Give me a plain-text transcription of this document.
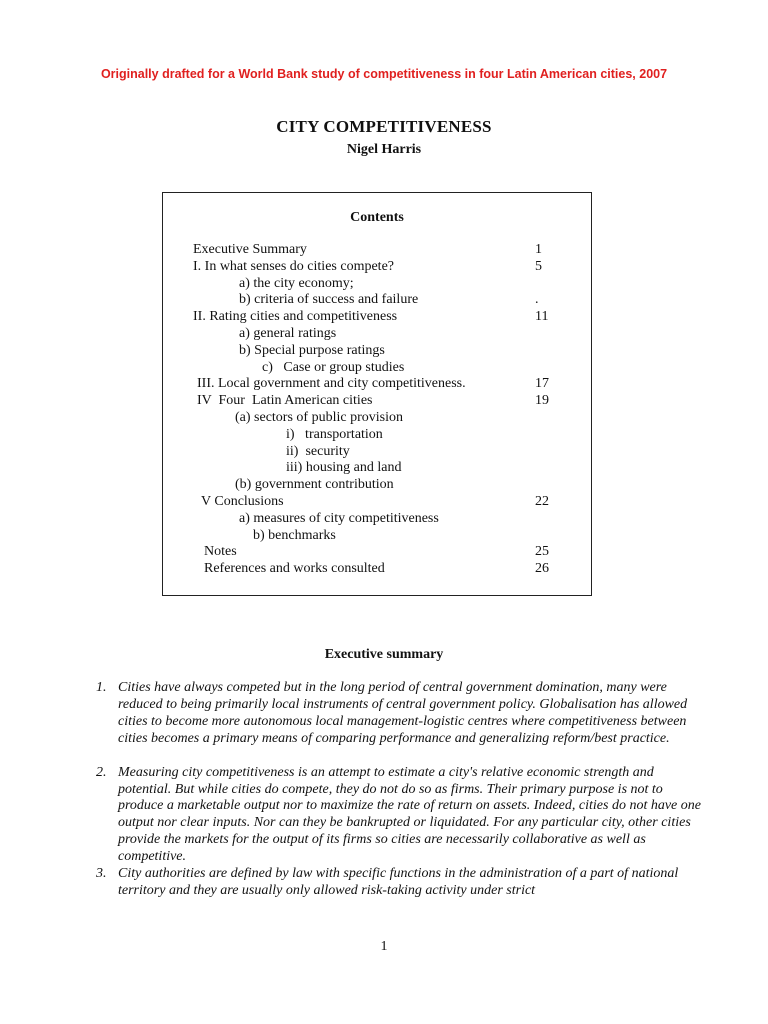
Originally drafted for a World Bank study of competitiveness in four Latin American cities, 2007
CITY COMPETITIVENESS
Nigel Harris
Contents
Executive Summary	1
I. In what senses do cities compete?	5
a) the city economy;
b) criteria of success and failure	.
II. Rating cities and competitiveness	11
a) general ratings
b) Special purpose ratings
c)   Case or group studies
III. Local government and city competitiveness.	17
IV  Four  Latin American cities	19
(a) sectors of public provision
i)   transportation
ii)  security
iii) housing and land
(b) government contribution
V Conclusions	22
a) measures of city competitiveness
b) benchmarks
Notes	25
References and works consulted	26
Executive summary
1. Cities have always competed but in the long period of central government domination, many were reduced to being primarily local instruments of central government policy. Globalisation has allowed cities to become more autonomous local management-logistic centres where competitiveness between cities becomes a primary means of comparing performance and generalizing reform/best practice.
2. Measuring city competitiveness is an attempt to estimate a city's relative economic strength and potential. But while cities do compete, they do not do so as firms. Their primary purpose is not to produce a marketable output nor to maximize the rate of return on assets. Indeed, cities do not have one output nor clear inputs. Nor can they be bankrupted or liquidated. For any particular city, other cities provide the markets for the output of its firms so cities are necessarily collaborative as well as competitive.
3. City authorities are defined by law with specific functions in the administration of a part of national territory and they are usually only allowed risk-taking activity under strict
1
